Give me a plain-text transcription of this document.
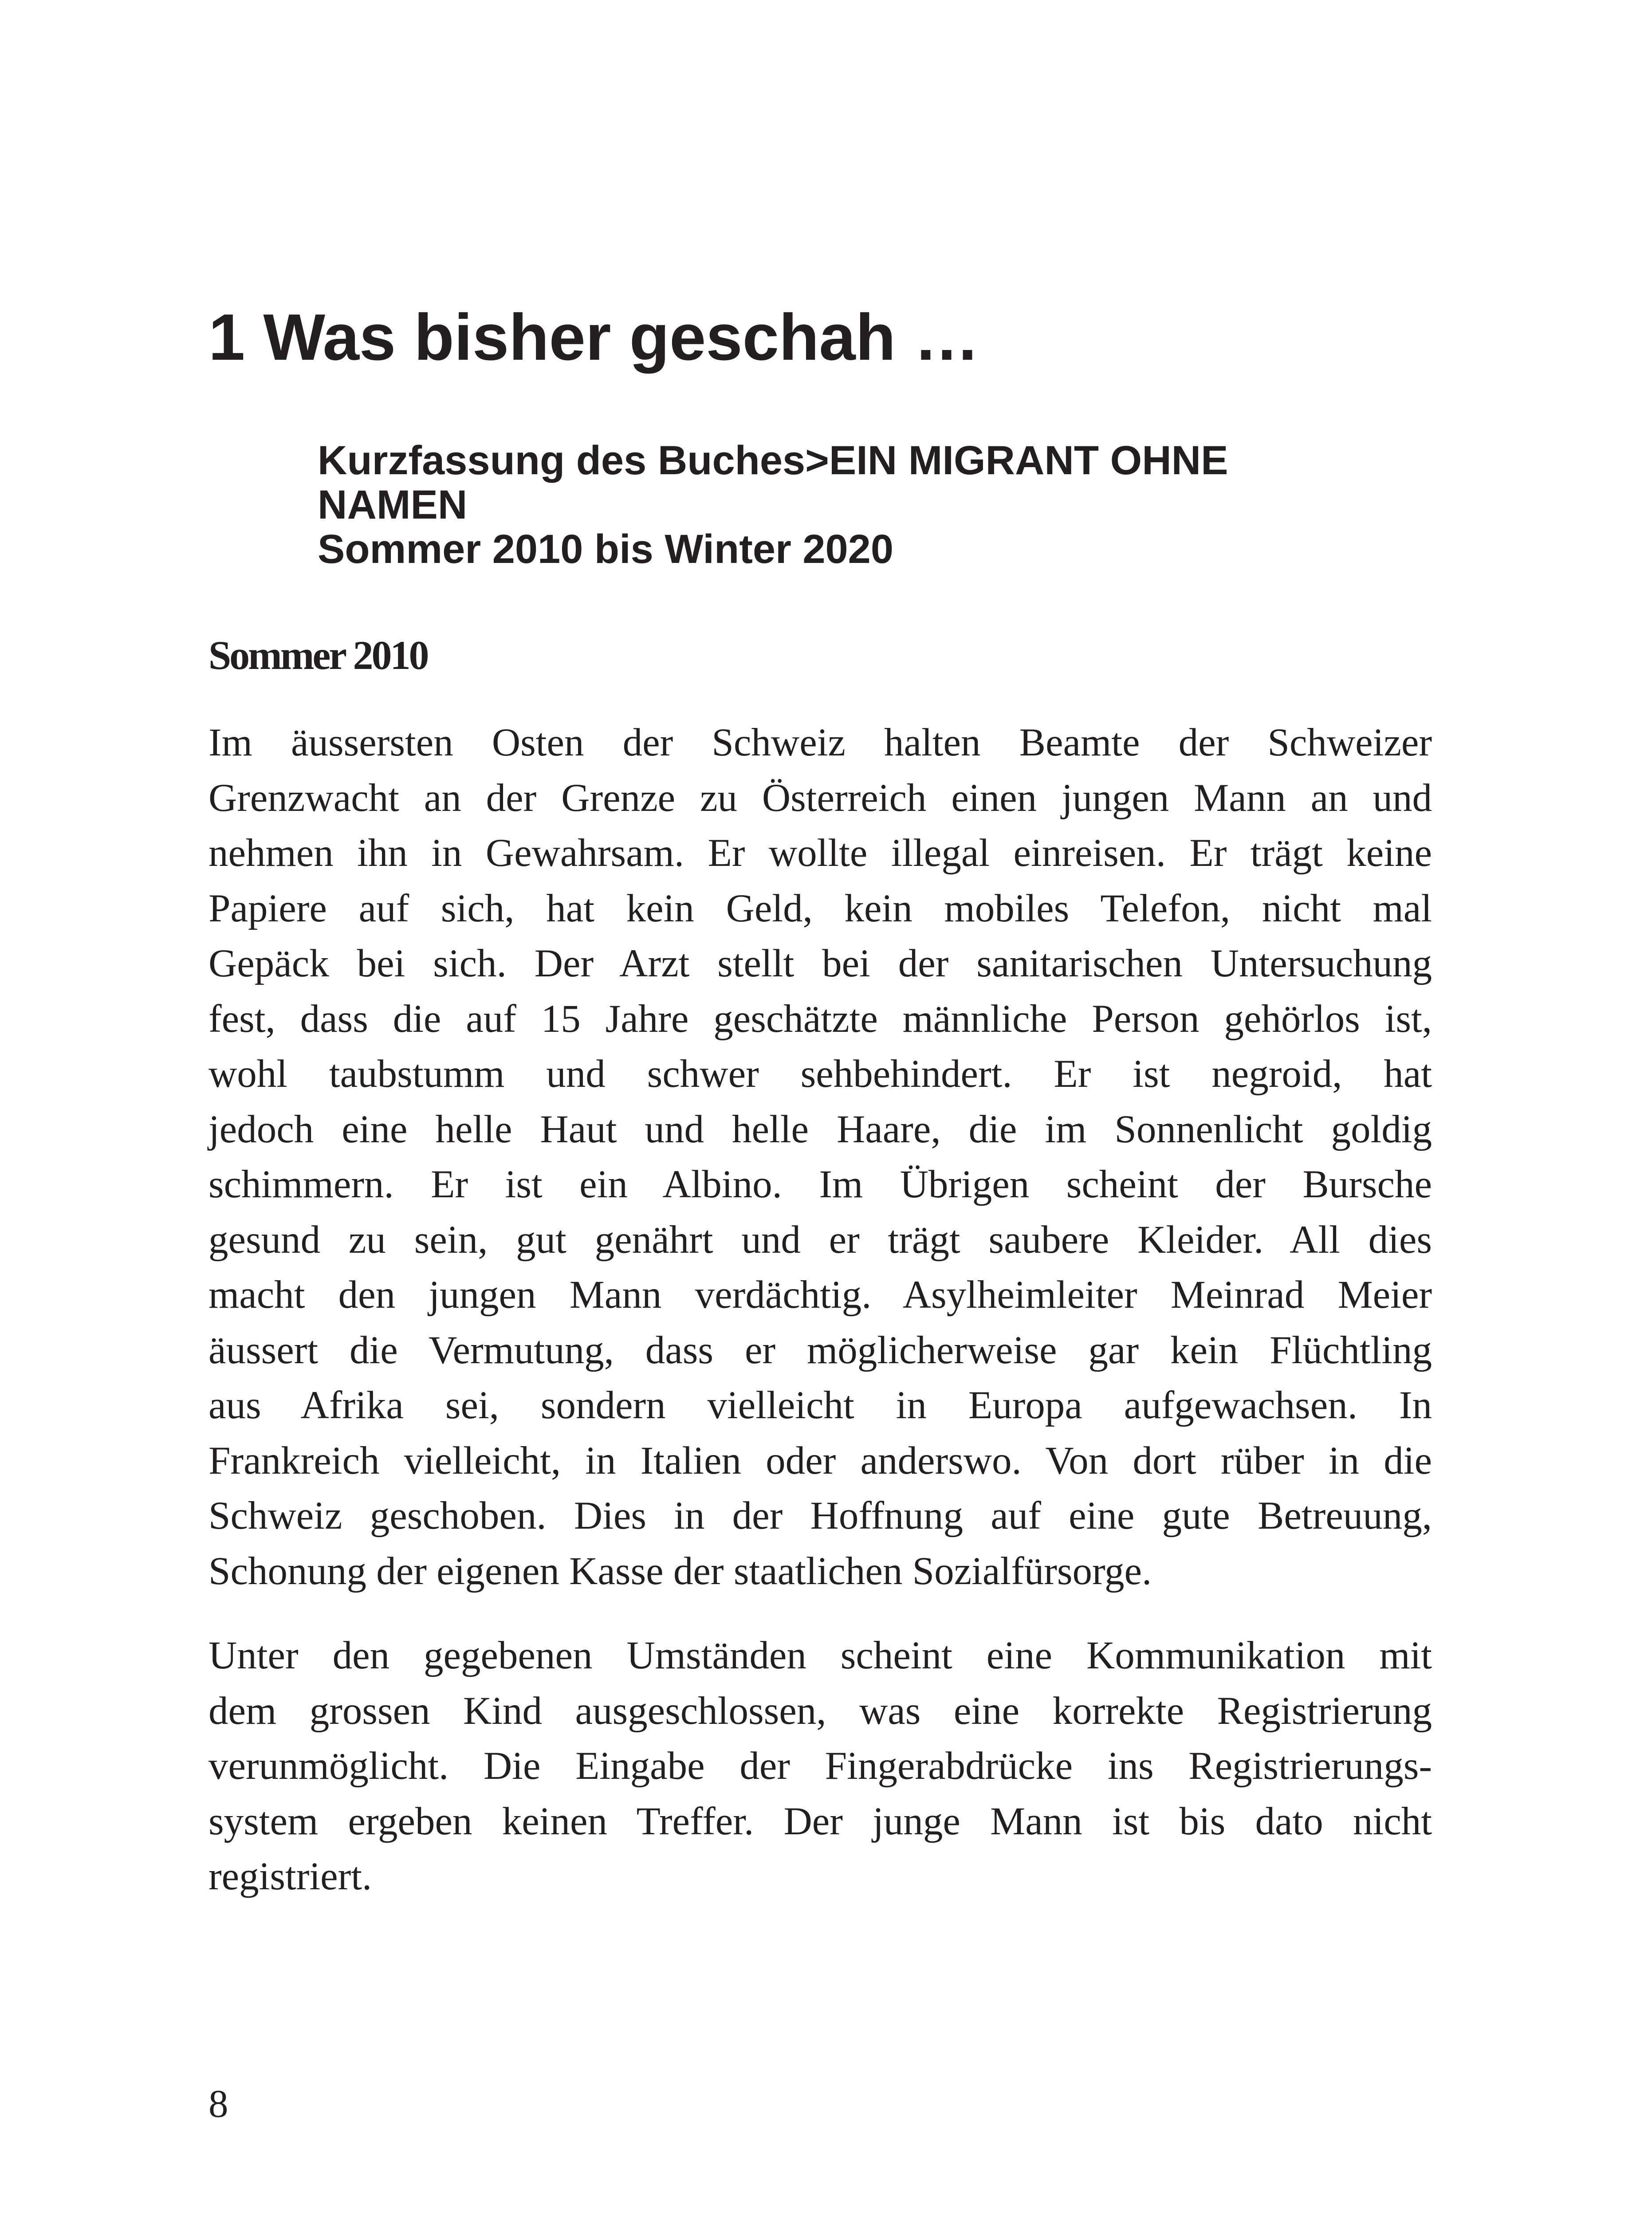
1 Was bisher geschah …
Kurzfassung des Buches>EIN MIGRANT OHNE
NAMEN
Sommer 2010 bis Winter 2020
Sommer 2010

Im äussersten Osten der Schweiz halten Beamte der Schweizer
Grenzwacht an der Grenze zu Österreich einen jungen Mann an und
nehmen ihn in Gewahrsam. Er wollte illegal einreisen. Er trägt keine
Papiere auf sich, hat kein Geld, kein mobiles Telefon, nicht mal
Gepäck bei sich. Der Arzt stellt bei der sanitarischen Untersuchung
fest, dass die auf 15 Jahre geschätzte männliche Person gehörlos ist,
wohl taubstumm und schwer sehbehindert. Er ist negroid, hat
jedoch eine helle Haut und helle Haare, die im Sonnenlicht goldig
schimmern. Er ist ein Albino. Im Übrigen scheint der Bursche
gesund zu sein, gut genährt und er trägt saubere Kleider. All dies
macht den jungen Mann verdächtig. Asylheimleiter Meinrad Meier
äussert die Vermutung, dass er möglicherweise gar kein Flüchtling
aus Afrika sei, sondern vielleicht in Europa aufgewachsen. In
Frankreich vielleicht, in Italien oder anderswo. Von dort rüber in die
Schweiz geschoben. Dies in der Hoffnung auf eine gute Betreuung,
Schonung der eigenen Kasse der staatlichen Sozialfürsorge.

Unter den gegebenen Umständen scheint eine Kommunikation mit
dem grossen Kind ausgeschlossen, was eine korrekte Registrierung
verunmöglicht. Die Eingabe der Fingerabdrücke ins Registrierungs-
system ergeben keinen Treffer. Der junge Mann ist bis dato nicht
registriert.

8
